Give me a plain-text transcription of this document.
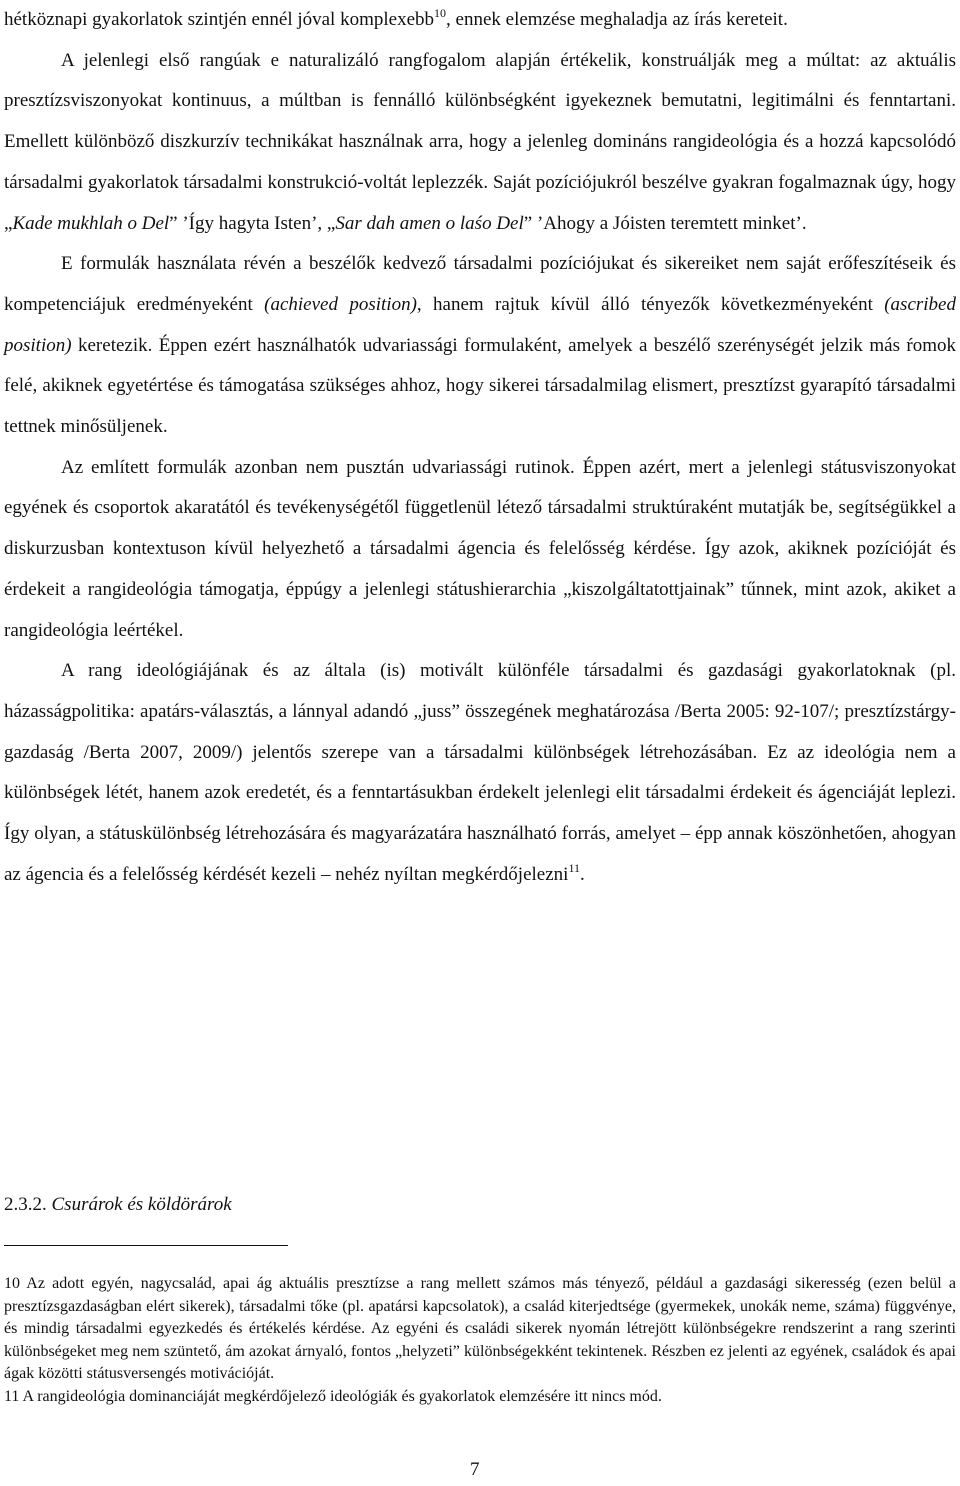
hétköznapi gyakorlatok szintjén ennél jóval komplexebb$^{10}$, ennek elemzése meghaladja az írás kereteit.

A jelenlegi első rangúak e naturalizáló rangfogalom alapján értékelik, konstruálják meg a múltat: az aktuális presztízsviszonyokat kontinuus, a múltban is fennálló különbségként igyekeznek bemutatni, legitimálni és fenntartani. Emellett különböző diszkurzív technikákat használnak arra, hogy a jelenleg domináns rangideológia és a hozzá kapcsolódó társadalmi gyakorlatok társadalmi konstrukció-voltát leplezzék. Saját pozíciójukról beszélve gyakran fogalmaznak úgy, hogy „Kade mukhlah o Del” ’Így hagyta Isten’, „Sar dah amen o laśo Del” ’Ahogy a Jóisten teremtett minket’.

E formulák használata révén a beszélők kedvező társadalmi pozíciójukat és sikereiket nem saját erőfeszítéseik és kompetenciájuk eredményeként (achieved position), hanem rajtuk kívül álló tényezők következményeként (ascribed position) keretezik. Éppen ezért használhatók udvariassági formulaként, amelyek a beszélő szerénységét jelzik más ŕomok felé, akiknek egyetértése és támogatása szükséges ahhoz, hogy sikerei társadalmilag elismert, presztízst gyarapító társadalmi tettnek minősüljenek.

Az említett formulák azonban nem pusztán udvariassági rutinok. Éppen azért, mert a jelenlegi státusviszonyokat egyének és csoportok akaratától és tevékenységétől függetlenül létező társadalmi struktúraként mutatják be, segítségükkel a diskurzusban kontextuson kívül helyezhető a társadalmi ágencia és felelősség kérdése. Így azok, akiknek pozícióját és érdekeit a rangideológia támogatja, éppúgy a jelenlegi státushierarchia „kiszolgáltatottjainak” tűnnek, mint azok, akiket a rangideológia leértékel.

A rang ideológiájának és az általa (is) motivált különféle társadalmi és gazdasági gyakorlatoknak (pl. házasságpolitika: apatárs-választás, a lánnyal adandó „juss” összegének meghatározása /Berta 2005: 92-107/; presztízstárgy-gazdaság /Berta 2007, 2009/) jelentős szerepe van a társadalmi különbségek létrehozásában. Ez az ideológia nem a különbségek létét, hanem azok eredetét, és a fenntartásukban érdekelt jelenlegi elit társadalmi érdekeit és ágenciáját leplezi. Így olyan, a státuskülönbség létrehozására és magyarázatára használható forrás, amelyet – épp annak köszönhetően, ahogyan az ágencia és a felelősség kérdését kezeli – nehéz nyíltan megkérdőjelezni$^{11}$.

2.3.2. Csurárok és köldörárok

10 Az adott egyén, nagycsalád, apai ág aktuális presztízse a rang mellett számos más tényező, például a gazdasági sikeresség (ezen belül a presztízsgazdaságban elért sikerek), társadalmi tőke (pl. apatársi kapcsolatok), a család kiterjedtsége (gyermekek, unokák neme, száma) függvénye, és mindig társadalmi egyezkedés és értékelés kérdése. Az egyéni és családi sikerek nyomán létrejött különbségekre rendszerint a rang szerinti különbségeket meg nem szüntető, ám azokat árnyaló, fontos „helyzeti” különbségekként tekintenek. Részben ez jelenti az egyének, családok és apai ágak közötti státusversengés motivációját.

11 A rangideológia dominanciáját megkérdőjelező ideológiák és gyakorlatok elemzésére itt nincs mód.

7
